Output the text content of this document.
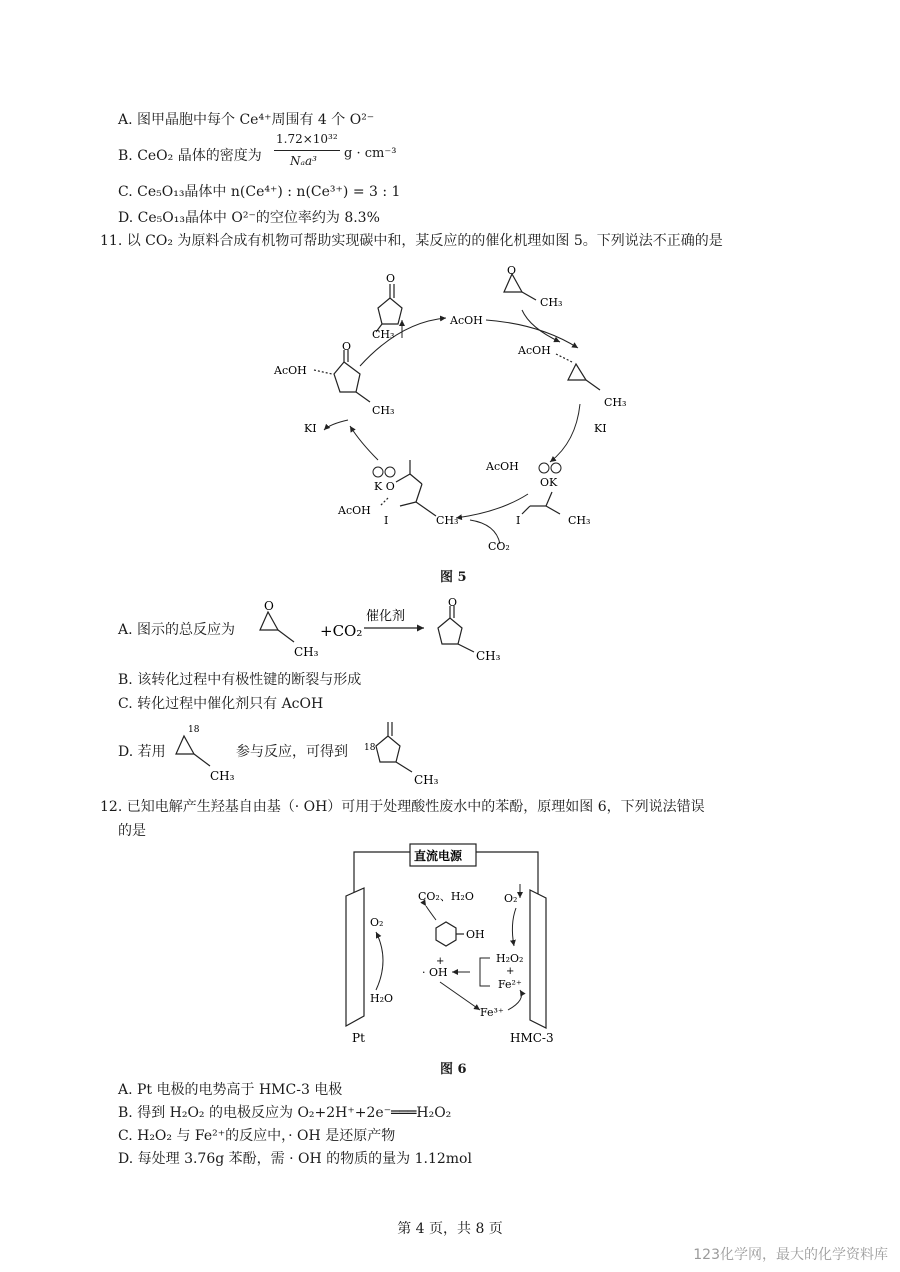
A. 图甲晶胞中每个 Ce⁴⁺周围有 4 个 O²⁻
B. CeO₂ 晶体的密度为
1.72×10³²
Nₐa³ g · cm⁻³
C. Ce₅O₁₃晶体中 n(Ce⁴⁺) : n(Ce³⁺) = 3 : 1
D. Ce₅O₁₃晶体中 O²⁻的空位率约为 8.3%
11. 以 CO₂ 为原料合成有机物可帮助实现碳中和，某反应的的催化机理如图 5。下列说法不正确的是
O
CH₃
O
CH₃
AcOH
AcOH
CH₃
KI
AcOH
OK
I	CH₃
CO₂
K O
AcOH
I	CH₃
KI
AcOH
O
CH₃
图 5
A. 图示的总反应为
O
CH₃
+CO₂
催化剂
O
CH₃
B. 该转化过程中有极性键的断裂与形成
C. 转化过程中催化剂只有 AcOH
D. 若用
18
CH₃
参与反应，可得到 18
CH₃
12. 已知电解产生羟基自由基（· OH）可用于处理酸性废水中的苯酚，原理如图 6，下列说法错误
的是
直流电源
Pt	HMC-3
O₂
H₂O
CO₂、H₂O
OH
· OH
+
O₂
H₂O₂
+
Fe²⁺
Fe³⁺
图 6
A. Pt 电极的电势高于 HMC-3 电极
B. 得到 H₂O₂ 的电极反应为 O₂+2H⁺+2e⁻═══H₂O₂
C. H₂O₂ 与 Fe²⁺的反应中，· OH 是还原产物
D. 每处理 3.76g 苯酚，需 · OH 的物质的量为 1.12mol
第 4 页，共 8 页
123化学网，最大的化学资料库
